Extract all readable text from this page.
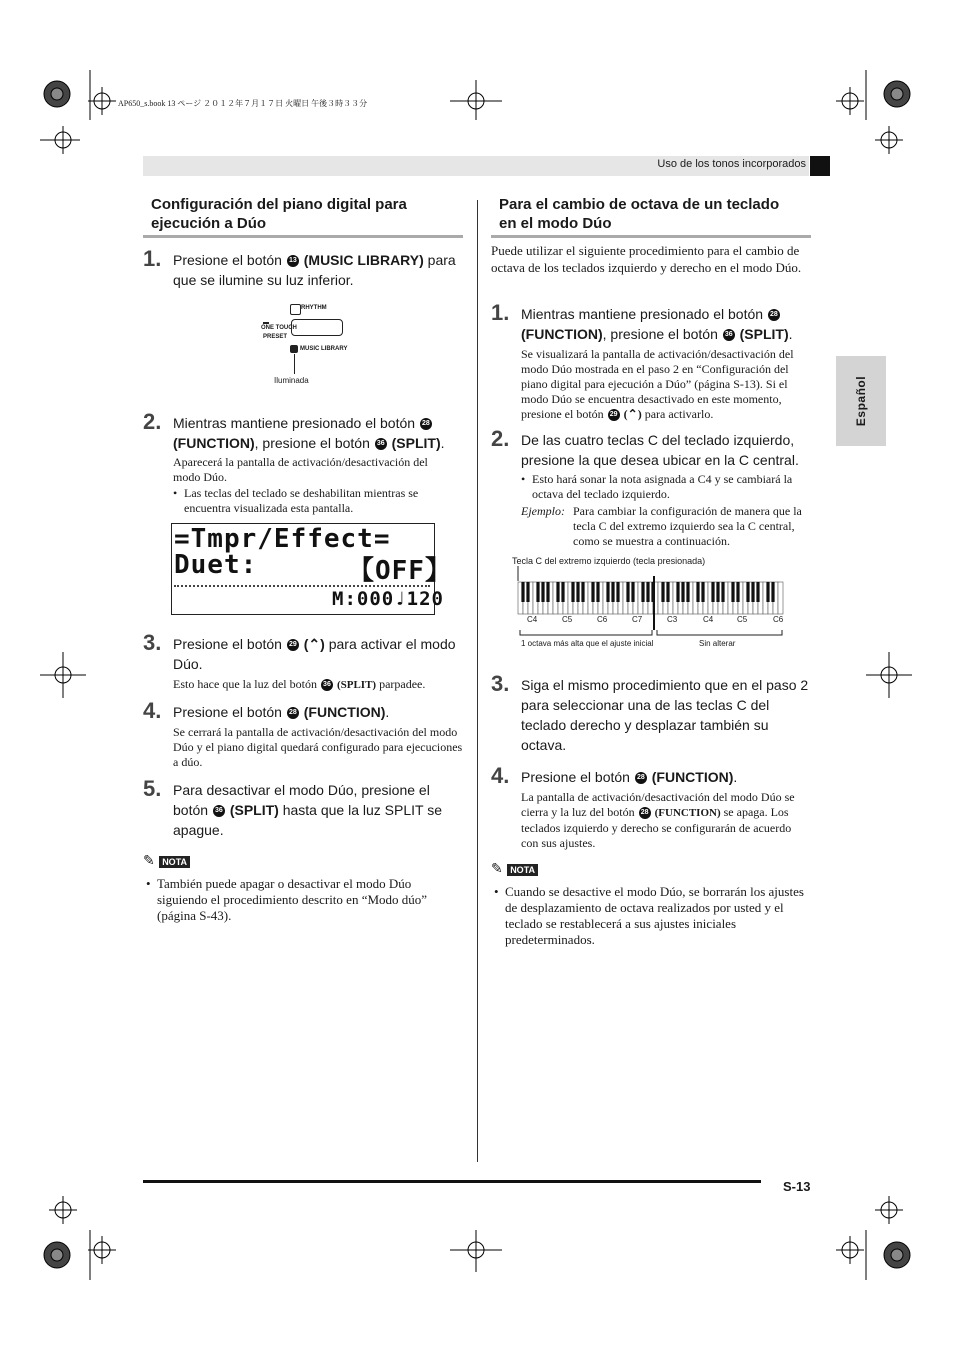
AP650_s.book 13 ページ ２０１２年７月１７日 火曜日 午後３時３３分
Uso de los tonos incorporados
Español
S-13
Configuración del piano digital para ejecución a Dúo
1. Presione el botón 13 (MUSIC LIBRARY) para que se ilumine su luz inferior.
RHYTHM
ONE TOUCH
PRESET
MUSIC LIBRARY
Iluminada
2. Mientras mantiene presionado el botón 28 (FUNCTION), presione el botón 36 (SPLIT).
Aparecerá la pantalla de activación/desactivación del modo Dúo.
• Las teclas del teclado se deshabilitan mientras se encuentra visualizada esta pantalla.
=Tmpr/Effect=
Duet:	【OFF】
M:000♩120
3. Presione el botón 29 (⌃) para activar el modo Dúo.
Esto hace que la luz del botón 36 (SPLIT) parpadee.
4. Presione el botón 28 (FUNCTION).
Se cerrará la pantalla de activación/desactivación del modo Dúo y el piano digital quedará configurado para ejecuciones a dúo.
5. Para desactivar el modo Dúo, presione el botón 36 (SPLIT) hasta que la luz SPLIT se apague.
✎ NOTA
• También puede apagar o desactivar el modo Dúo siguiendo el procedimiento descrito en “Modo dúo” (página S-43).
Para el cambio de octava de un teclado en el modo Dúo
Puede utilizar el siguiente procedimiento para el cambio de octava de los teclados izquierdo y derecho en el modo Dúo.
1. Mientras mantiene presionado el botón 28 (FUNCTION), presione el botón 36 (SPLIT).
Se visualizará la pantalla de activación/desactivación del modo Dúo mostrada en el paso 2 en “Configuración del piano digital para ejecución a Dúo” (página S-13). Si el modo Dúo se encuentra desactivado en este momento, presione el botón 29 (⌃) para activarlo.
2. De las cuatro teclas C del teclado izquierdo, presione la que desea ubicar en la C central.
• Esto hará sonar la nota asignada a C4 y se cambiará la octava del teclado izquierdo.
Ejemplo: Para cambiar la configuración de manera que la tecla C del extremo izquierdo sea la C central, como se muestra a continuación.
Tecla C del extremo izquierdo (tecla presionada)
C4	C5	C6	C7	C3	C4	C5	C6
1 octava más alta que el ajuste inicial	Sin alterar
3. Siga el mismo procedimiento que en el paso 2 para seleccionar una de las teclas C del teclado derecho y desplazar también su octava.
4. Presione el botón 28 (FUNCTION).
La pantalla de activación/desactivación del modo Dúo se cierra y la luz del botón 28 (FUNCTION) se apaga. Los teclados izquierdo y derecho se configurarán de acuerdo con sus ajustes.
✎ NOTA
• Cuando se desactive el modo Dúo, se borrarán los ajustes de desplazamiento de octava realizados por usted y el teclado se restablecerá a sus ajustes iniciales predeterminados.
